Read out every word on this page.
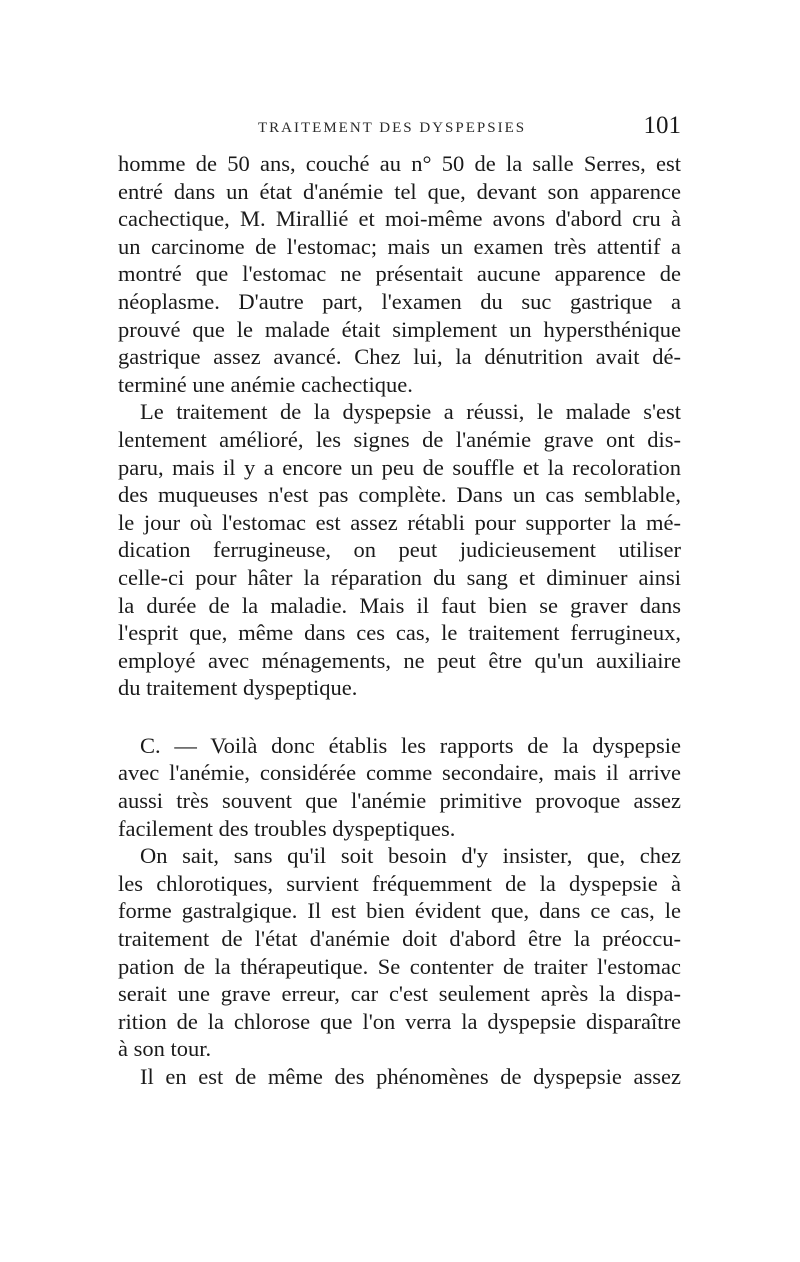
TRAITEMENT DES DYSPEPSIES	101
homme de 50 ans, couché au n° 50 de la salle Serres, est
entré dans un état d'anémie tel que, devant son apparence
cachectique, M. Mirallié et moi-même avons d'abord cru à
un carcinome de l'estomac; mais un examen très attentif a
montré que l'estomac ne présentait aucune apparence de
néoplasme. D'autre part, l'examen du suc gastrique a
prouvé que le malade était simplement un hypersthénique
gastrique assez avancé. Chez lui, la dénutrition avait dé-
terminé une anémie cachectique.
Le traitement de la dyspepsie a réussi, le malade s'est
lentement amélioré, les signes de l'anémie grave ont dis-
paru, mais il y a encore un peu de souffle et la recoloration
des muqueuses n'est pas complète. Dans un cas semblable,
le jour où l'estomac est assez rétabli pour supporter la mé-
dication ferrugineuse, on peut judicieusement utiliser
celle-ci pour hâter la réparation du sang et diminuer ainsi
la durée de la maladie. Mais il faut bien se graver dans
l'esprit que, même dans ces cas, le traitement ferrugineux,
employé avec ménagements, ne peut être qu'un auxiliaire
du traitement dyspeptique.
C. — Voilà donc établis les rapports de la dyspepsie
avec l'anémie, considérée comme secondaire, mais il arrive
aussi très souvent que l'anémie primitive provoque assez
facilement des troubles dyspeptiques.
On sait, sans qu'il soit besoin d'y insister, que, chez
les chlorotiques, survient fréquemment de la dyspepsie à
forme gastralgique. Il est bien évident que, dans ce cas, le
traitement de l'état d'anémie doit d'abord être la préoccu-
pation de la thérapeutique. Se contenter de traiter l'estomac
serait une grave erreur, car c'est seulement après la dispa-
rition de la chlorose que l'on verra la dyspepsie disparaître
à son tour.
Il en est de même des phénomènes de dyspepsie assez
